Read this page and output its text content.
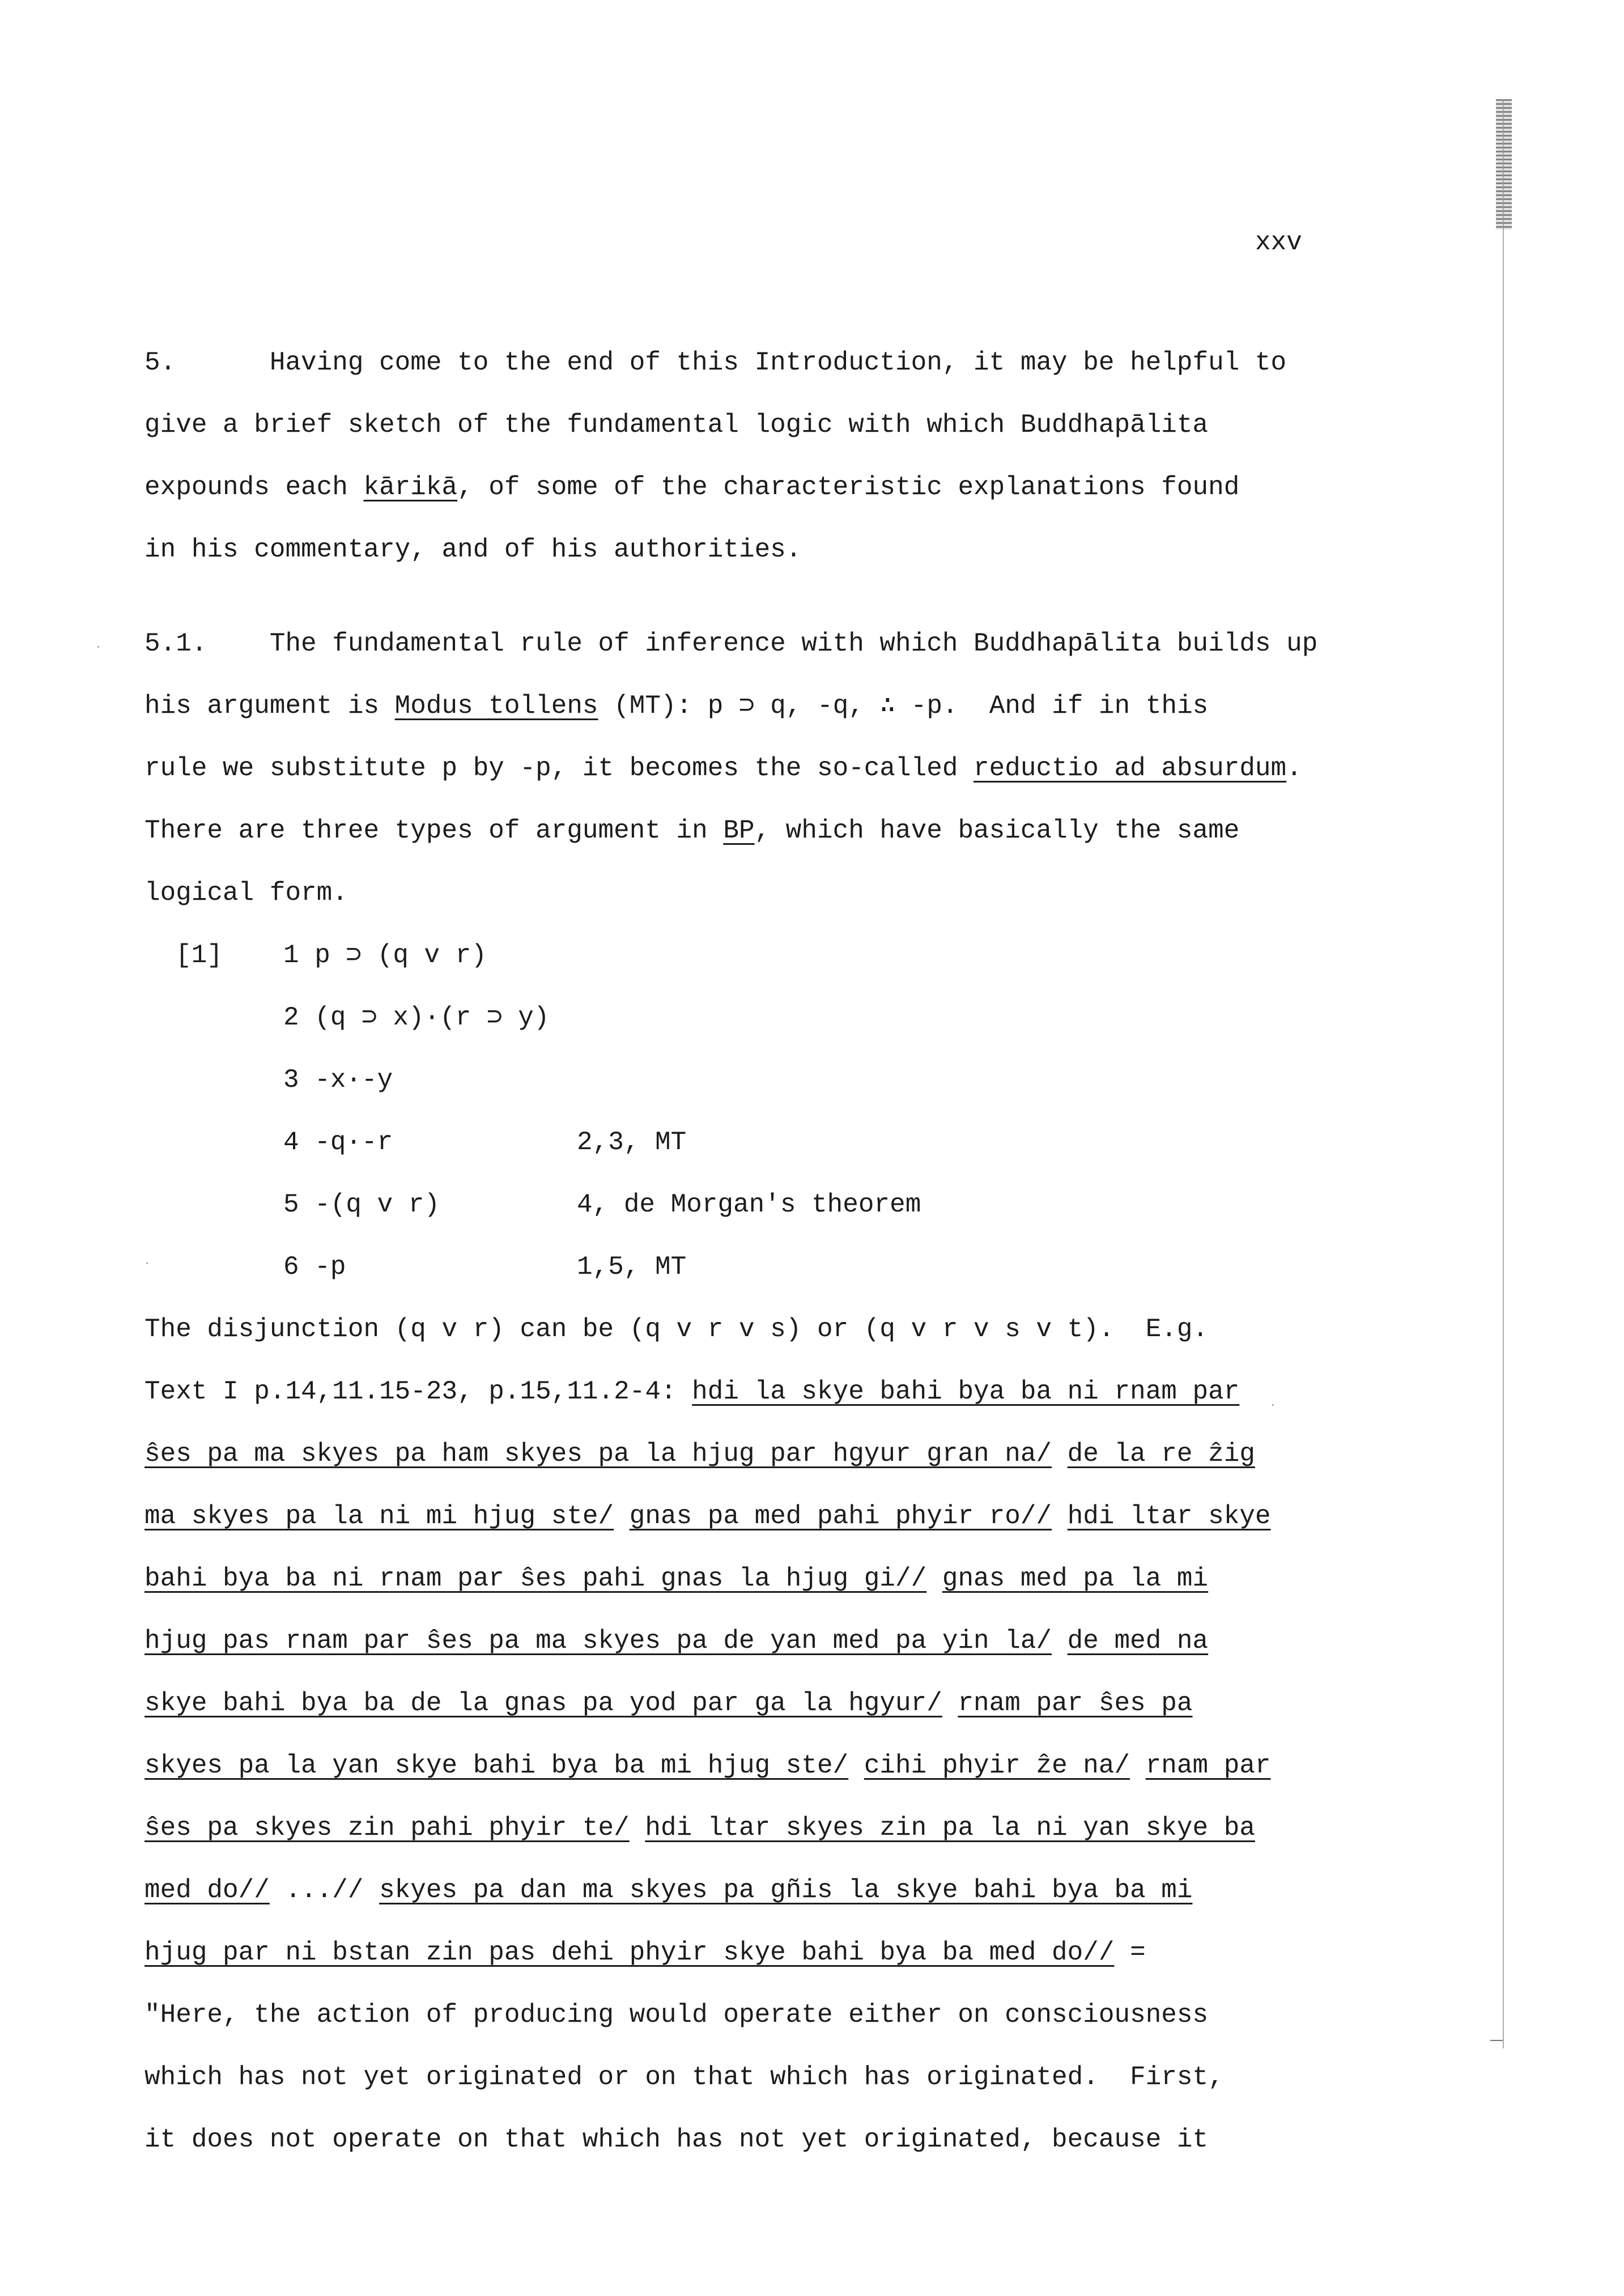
xxv
5.      Having come to the end of this Introduction, it may be helpful to
give a brief sketch of the fundamental logic with which Buddhapālita
expounds each kārikā, of some of the characteristic explanations found
in his commentary, and of his authorities.
5.1.    The fundamental rule of inference with which Buddhapālita builds up
his argument is Modus tollens (MT): p ⊃ q, -q, ∴ -p.  And if in this
rule we substitute p by -p, it becomes the so-called reductio ad absurdum.
There are three types of argument in BP, which have basically the same
logical form.
[1] 1 p ⊃ (q v r)
2 (q ⊃ x)·(r ⊃ y)
3 -x·-y
4 -q·-r	2,3, MT
5 -(q v r)	4, de Morgan's theorem
6 -p	1,5, MT
The disjunction (q v r) can be (q v r v s) or (q v r v s v t).  E.g.
Text I p.14,11.15-23, p.15,11.2-4: hdi la skye bahi bya ba ni rnam par
ŝes pa ma skyes pa ham skyes pa la hjug par hgyur gran na/ de la re ẑig
ma skyes pa la ni mi hjug ste/ gnas pa med pahi phyir ro// hdi ltar skye
bahi bya ba ni rnam par ŝes pahi gnas la hjug gi// gnas med pa la mi
hjug pas rnam par ŝes pa ma skyes pa de yan med pa yin la/ de med na
skye bahi bya ba de la gnas pa yod par ga la hgyur/ rnam par ŝes pa
skyes pa la yan skye bahi bya ba mi hjug ste/ cihi phyir ẑe na/ rnam par
ŝes pa skyes zin pahi phyir te/ hdi ltar skyes zin pa la ni yan skye ba
med do// ...// skyes pa dan ma skyes pa gñis la skye bahi bya ba mi
hjug par ni bstan zin pas dehi phyir skye bahi bya ba med do// =
"Here, the action of producing would operate either on consciousness
which has not yet originated or on that which has originated.  First,
it does not operate on that which has not yet originated, because it
